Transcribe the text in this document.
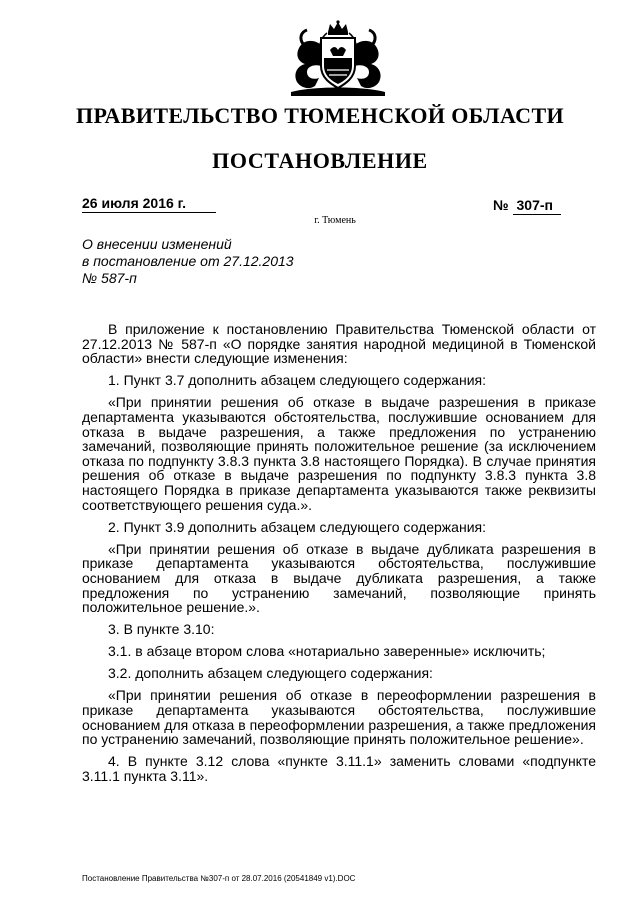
ПРАВИТЕЛЬСТВО ТЮМЕНСКОЙ ОБЛАСТИ
ПОСТАНОВЛЕНИЕ
26 июля 2016 г.
г. Тюмень
№ 307-п
О внесении изменений
в постановление от 27.12.2013
№ 587-п

В приложение к постановлению Правительства Тюменской области от 27.12.2013 № 587-п «О порядке занятия народной медициной в Тюменской области» внести следующие изменения:

1. Пункт 3.7 дополнить абзацем следующего содержания:

«При принятии решения об отказе в выдаче разрешения в приказе департамента указываются обстоятельства, послужившие основанием для отказа в выдаче разрешения, а также предложения по устранению замечаний, позволяющие принять положительное решение (за исключением отказа по подпункту 3.8.3 пункта 3.8 настоящего Порядка). В случае принятия решения об отказе в выдаче разрешения по подпункту 3.8.3 пункта 3.8 настоящего Порядка в приказе департамента указываются также реквизиты соответствующего решения суда.».

2. Пункт 3.9 дополнить абзацем следующего содержания:

«При принятии решения об отказе в выдаче дубликата разрешения в приказе департамента указываются обстоятельства, послужившие основанием для отказа в выдаче дубликата разрешения, а также предложения по устранению замечаний, позволяющие принять положительное решение.».

3. В пункте 3.10:

3.1. в абзаце втором слова «нотариально заверенные» исключить;

3.2. дополнить абзацем следующего содержания:

«При принятии решения об отказе в переоформлении разрешения в приказе департамента указываются обстоятельства, послужившие основанием для отказа в переоформлении разрешения, а также предложения по устранению замечаний, позволяющие принять положительное решение».

4. В пункте 3.12 слова «пункте 3.11.1» заменить словами «подпункте 3.11.1 пункта 3.11».

Постановление Правительства №307-п от 28.07.2016 (20541849 v1).DOC
